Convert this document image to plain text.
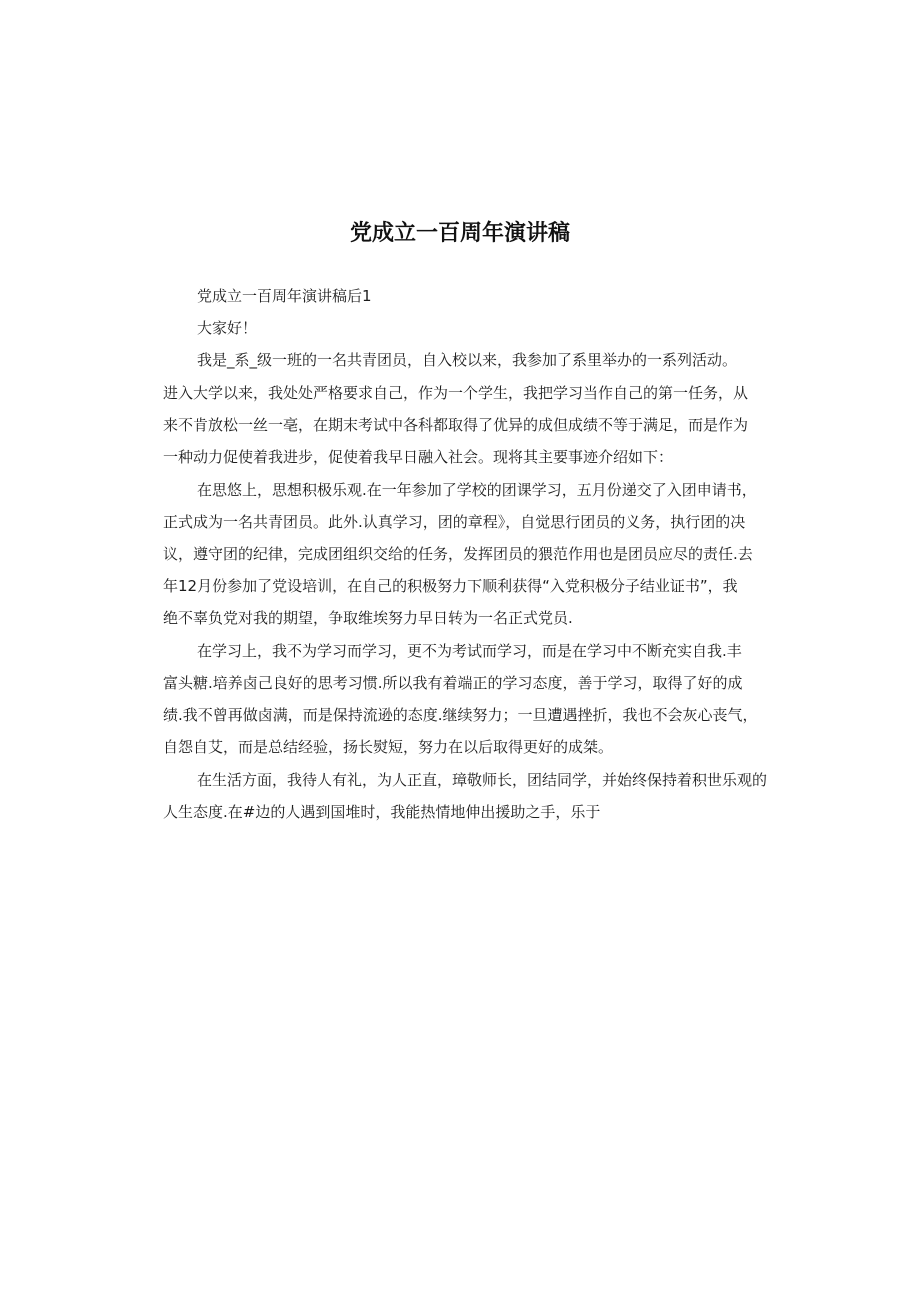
党成立一百周年演讲稿
党成立一百周年演讲稿后1
大家好！
我是_系_级一班的一名共青团员，自入校以来，我参加了系里举办的一系列活动。
进入大学以来，我处处严格要求自己，作为一个学生，我把学习当作自己的第一任务，从
来不肯放松一丝一亳，在期末考试中各科都取得了优异的成但成绩不等于满足，而是作为
一种动力促使着我进步，促使着我早日融入社会。现将其主要事迹介绍如下：
在思悠上，思想积极乐观.在一年参加了学校的团课学习，五月份递交了入团申请书，
正式成为一名共青团员。此外.认真学习，团的章程》，自觉思行团员的义务，执行团的决
议，遵守团的纪律，完成团组织交给的任务，发挥团员的猥范作用也是团员应尽的责任.去
年12月份参加了党设培训，在自己的积极努力下顺利获得“入党积极分子结业证书”，我
绝不辜负党对我的期望，争取维埃努力早日转为一名正式党员.
在学习上，我不为学习而学习，更不为考试而学习，而是在学习中不断充实自我.丰
富头糖.培养卤己良好的思考习惯.所以我有着端正的学习态度，善于学习，取得了好的成
绩.我不曾再做卤满，而是保持流逊的态度.继续努力；一旦遭遇挫折，我也不会灰心丧气，
自怨自艾，而是总结经验，扬长熨短，努力在以后取得更好的成桀。
在生活方面，我待人有礼，为人正直，璋敬师长，团结同学，并始终保持着积世乐观的
人生态度.在#边的人遇到国堆时，我能热情地伸出援助之手，乐于
